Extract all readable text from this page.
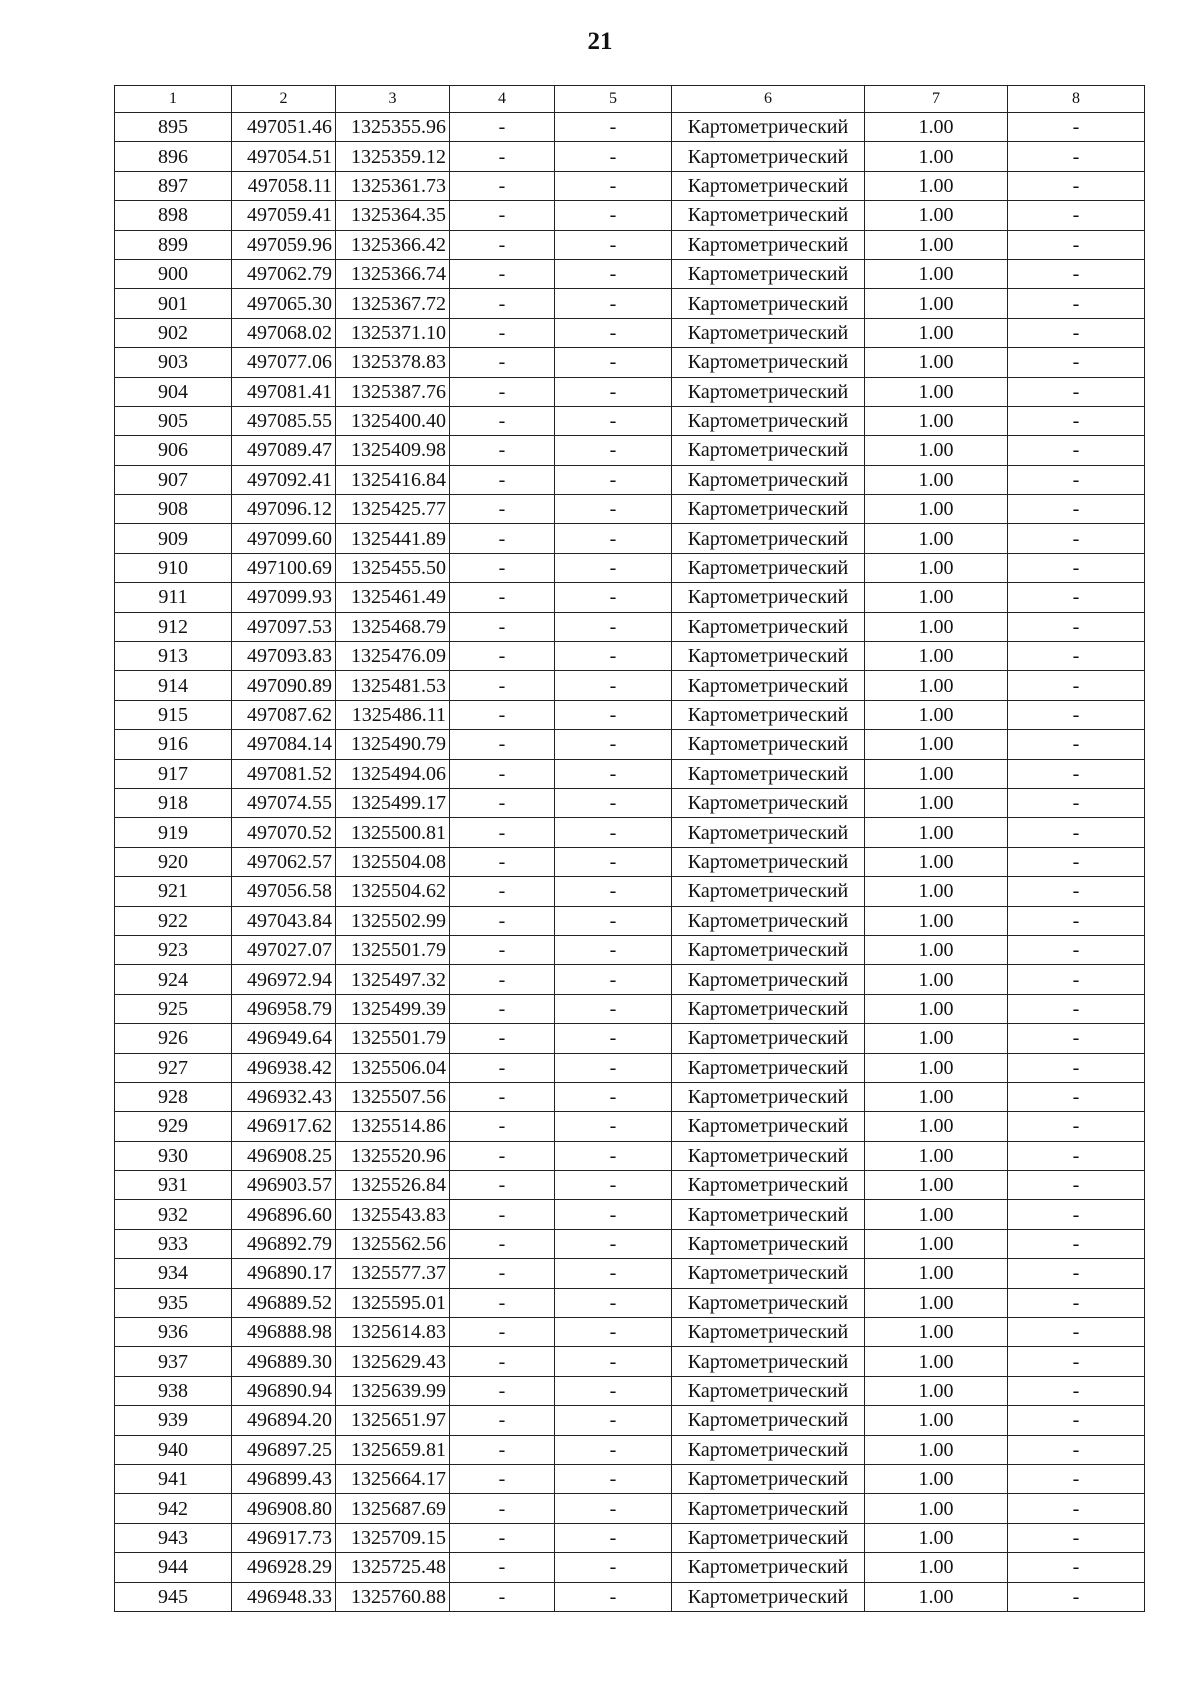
21
1	2	3	4	5	6	7	8
895	497051.46	1325355.96	-	-	Картометрический	1.00	-
896	497054.51	1325359.12	-	-	Картометрический	1.00	-
897	497058.11	1325361.73	-	-	Картометрический	1.00	-
898	497059.41	1325364.35	-	-	Картометрический	1.00	-
899	497059.96	1325366.42	-	-	Картометрический	1.00	-
900	497062.79	1325366.74	-	-	Картометрический	1.00	-
901	497065.30	1325367.72	-	-	Картометрический	1.00	-
902	497068.02	1325371.10	-	-	Картометрический	1.00	-
903	497077.06	1325378.83	-	-	Картометрический	1.00	-
904	497081.41	1325387.76	-	-	Картометрический	1.00	-
905	497085.55	1325400.40	-	-	Картометрический	1.00	-
906	497089.47	1325409.98	-	-	Картометрический	1.00	-
907	497092.41	1325416.84	-	-	Картометрический	1.00	-
908	497096.12	1325425.77	-	-	Картометрический	1.00	-
909	497099.60	1325441.89	-	-	Картометрический	1.00	-
910	497100.69	1325455.50	-	-	Картометрический	1.00	-
911	497099.93	1325461.49	-	-	Картометрический	1.00	-
912	497097.53	1325468.79	-	-	Картометрический	1.00	-
913	497093.83	1325476.09	-	-	Картометрический	1.00	-
914	497090.89	1325481.53	-	-	Картометрический	1.00	-
915	497087.62	1325486.11	-	-	Картометрический	1.00	-
916	497084.14	1325490.79	-	-	Картометрический	1.00	-
917	497081.52	1325494.06	-	-	Картометрический	1.00	-
918	497074.55	1325499.17	-	-	Картометрический	1.00	-
919	497070.52	1325500.81	-	-	Картометрический	1.00	-
920	497062.57	1325504.08	-	-	Картометрический	1.00	-
921	497056.58	1325504.62	-	-	Картометрический	1.00	-
922	497043.84	1325502.99	-	-	Картометрический	1.00	-
923	497027.07	1325501.79	-	-	Картометрический	1.00	-
924	496972.94	1325497.32	-	-	Картометрический	1.00	-
925	496958.79	1325499.39	-	-	Картометрический	1.00	-
926	496949.64	1325501.79	-	-	Картометрический	1.00	-
927	496938.42	1325506.04	-	-	Картометрический	1.00	-
928	496932.43	1325507.56	-	-	Картометрический	1.00	-
929	496917.62	1325514.86	-	-	Картометрический	1.00	-
930	496908.25	1325520.96	-	-	Картометрический	1.00	-
931	496903.57	1325526.84	-	-	Картометрический	1.00	-
932	496896.60	1325543.83	-	-	Картометрический	1.00	-
933	496892.79	1325562.56	-	-	Картометрический	1.00	-
934	496890.17	1325577.37	-	-	Картометрический	1.00	-
935	496889.52	1325595.01	-	-	Картометрический	1.00	-
936	496888.98	1325614.83	-	-	Картометрический	1.00	-
937	496889.30	1325629.43	-	-	Картометрический	1.00	-
938	496890.94	1325639.99	-	-	Картометрический	1.00	-
939	496894.20	1325651.97	-	-	Картометрический	1.00	-
940	496897.25	1325659.81	-	-	Картометрический	1.00	-
941	496899.43	1325664.17	-	-	Картометрический	1.00	-
942	496908.80	1325687.69	-	-	Картометрический	1.00	-
943	496917.73	1325709.15	-	-	Картометрический	1.00	-
944	496928.29	1325725.48	-	-	Картометрический	1.00	-
945	496948.33	1325760.88	-	-	Картометрический	1.00	-
